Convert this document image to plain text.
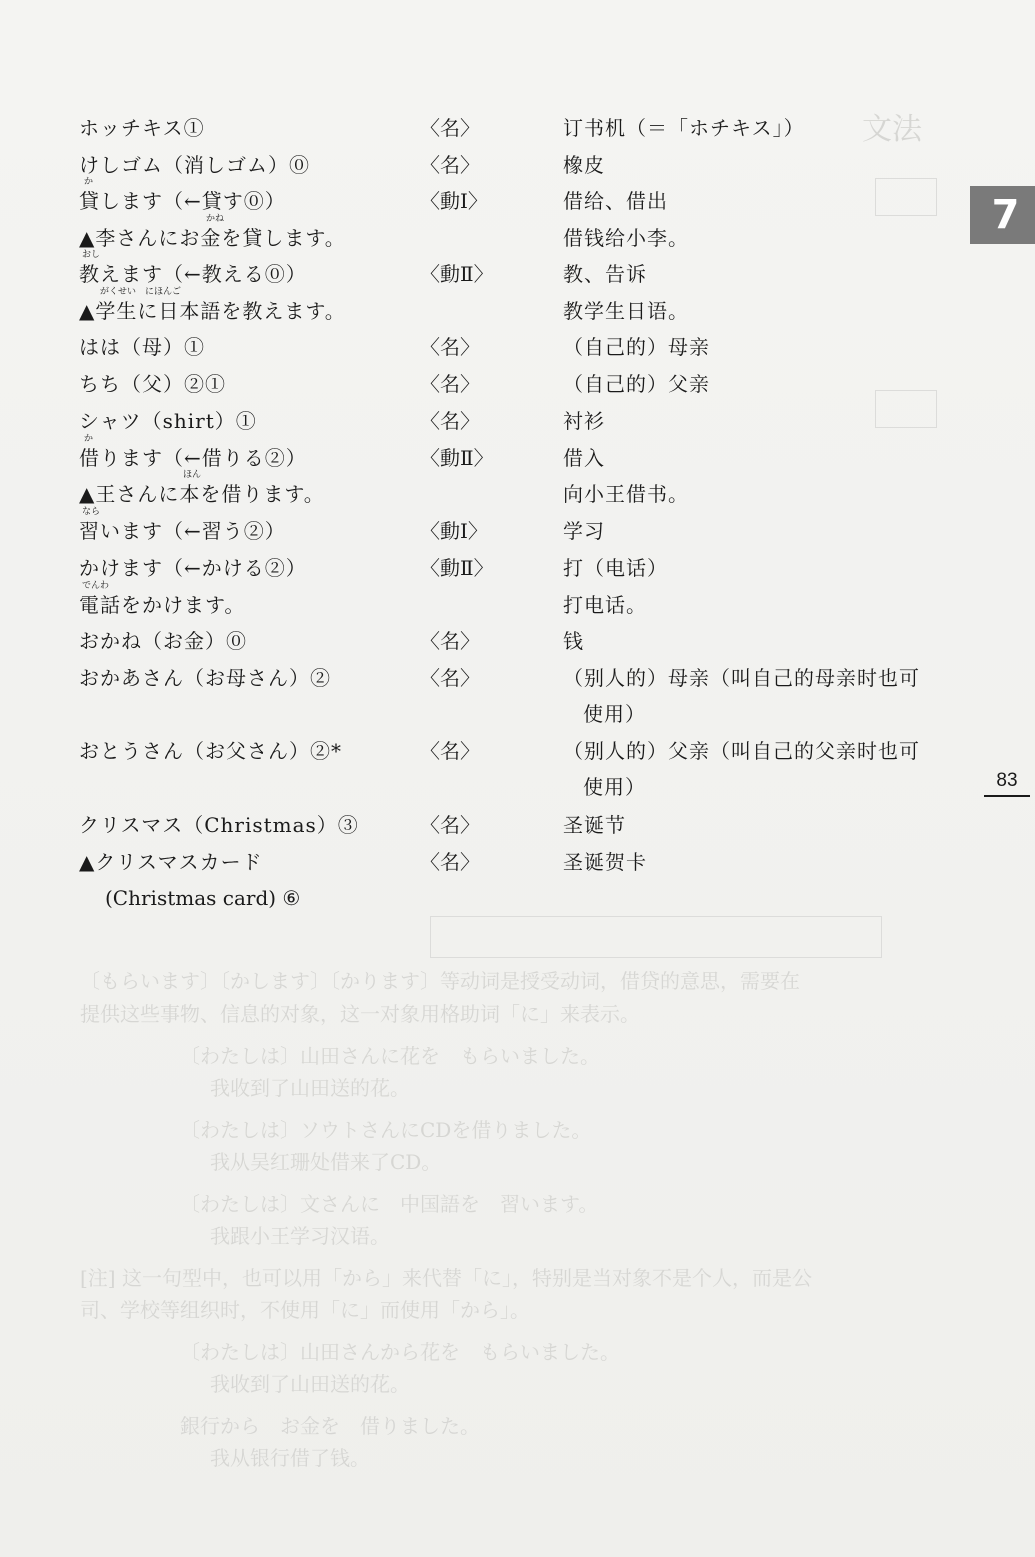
文法
〔もらいます〕〔かします〕〔かります〕等动词是授受动词，借贷的意思，需要在
提供这些事物、信息的对象，这一对象用格助词「に」来表示。
〔わたしは〕山田さんに花を　もらいました。
我收到了山田送的花。
〔わたしは〕ソウトさんにCDを借りました。
我从吴红珊处借来了CD。
〔わたしは〕文さんに　中国語を　習います。
我跟小王学习汉语。
[注] 这一句型中，也可以用「から」来代替「に」，特别是当对象不是个人，而是公
司、学校等组织时，不使用「に」而使用「から」。
〔わたしは〕山田さんから花を　もらいました。
我收到了山田送的花。
銀行から　お金を　借りました。
我从银行借了钱。
7
83
ホッチキス①	〈名〉	订书机（＝「ホチキス」）
けしゴム（消しゴム）⓪	〈名〉	橡皮
か
貸します（←貸す⓪）	〈動Ⅰ〉	借给、借出
かね
▲李さんにお金を貸します。	借钱给小李。
おし
教えます（←教える⓪）	〈動Ⅱ〉	教、告诉
がくせい　にほんご
▲学生に日本語を教えます。	教学生日语。
はは（母）①	〈名〉	（自己的）母亲
ちち（父）②①	〈名〉	（自己的）父亲
シャツ（shirt）①	〈名〉	衬衫
か
借ります（←借りる②）	〈動Ⅱ〉	借入
ほん
▲王さんに本を借ります。	向小王借书。
なら
習います（←習う②）	〈動Ⅰ〉	学习
かけます（←かける②）	〈動Ⅱ〉	打（电话）
でんわ
電話をかけます。	打电话。
おかね（お金）⓪	〈名〉	钱
おかあさん（お母さん）②	〈名〉	（别人的）母亲（叫自己的母亲时也可
使用）
おとうさん（お父さん）②*	〈名〉	（别人的）父亲（叫自己的父亲时也可
使用）
クリスマス（Christmas）③	〈名〉	圣诞节
▲クリスマスカード	〈名〉	圣诞贺卡
(Christmas card) ⑥
